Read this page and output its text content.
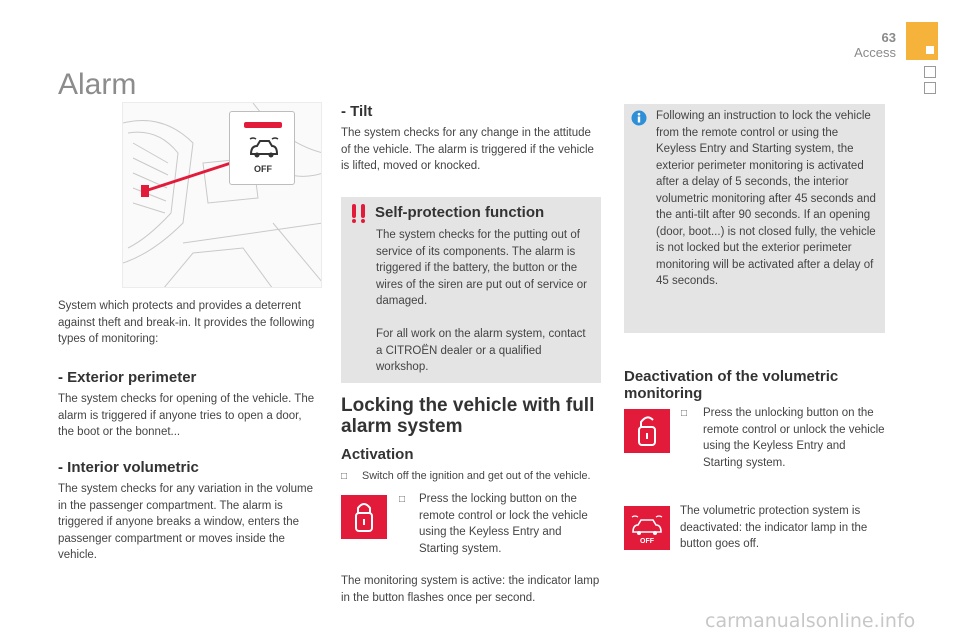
63
Access
Alarm
OFF
System which protects and provides a deterrent against theft and break-in. It provides the following types of monitoring:
- Exterior perimeter
The system checks for opening of the vehicle. The alarm is triggered if anyone tries to open a door, the boot or the bonnet...
- Interior volumetric
The system checks for any variation in the volume in the passenger compartment. The alarm is triggered if anyone breaks a window, enters the passenger compartment or moves inside the vehicle.
- Tilt
The system checks for any change in the attitude of the vehicle. The alarm is triggered if the vehicle is lifted, moved or knocked.
Self-protection function
The system checks for the putting out of service of its components. The alarm is triggered if the battery, the button or the wires of the siren are put out of service or damaged.
For all work on the alarm system, contact a CITROËN dealer or a qualified workshop.
Locking the vehicle with full alarm system
Activation
□ Switch off the ignition and get out of the vehicle.
□ Press the locking button on the remote control or lock the vehicle using the Keyless Entry and Starting system.
The monitoring system is active: the indicator lamp in the button flashes once per second.
Following an instruction to lock the vehicle from the remote control or using the Keyless Entry and Starting system, the exterior perimeter monitoring is activated after a delay of 5 seconds, the interior volumetric monitoring after 45 seconds and the anti-tilt after 90 seconds. If an opening (door, boot...) is not closed fully, the vehicle is not locked but the exterior perimeter monitoring will be activated after a delay of 45 seconds.
Deactivation of the volumetric monitoring
□ Press the unlocking button on the remote control or unlock the vehicle using the Keyless Entry and Starting system.
OFF
The volumetric protection system is deactivated: the indicator lamp in the button goes off.
carmanualsonline.info
